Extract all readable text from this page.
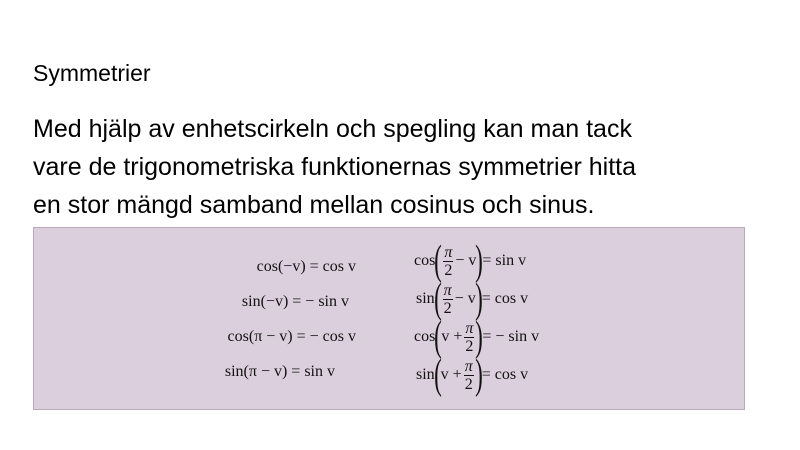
Symmetrier
Med hjälp av enhetscirkeln och spegling kan man tack
vare de trigonometriska funktionernas symmetrier hitta
en stor mängd samband mellan cosinus och sinus.
cos(−v) = cos v
sin(−v) = − sin v
cos(π − v) = − cos v
sin(π − v) = sin v
$\cos( \frac{\pi}{2} - v)= \sin v$
$\sin( \frac{\pi}{2} - v)= \cos v$
$\cos(v + \frac{\pi}{2}$ )= − sin v
$\sin(v + \frac{\pi}{2}$ )= cos v
